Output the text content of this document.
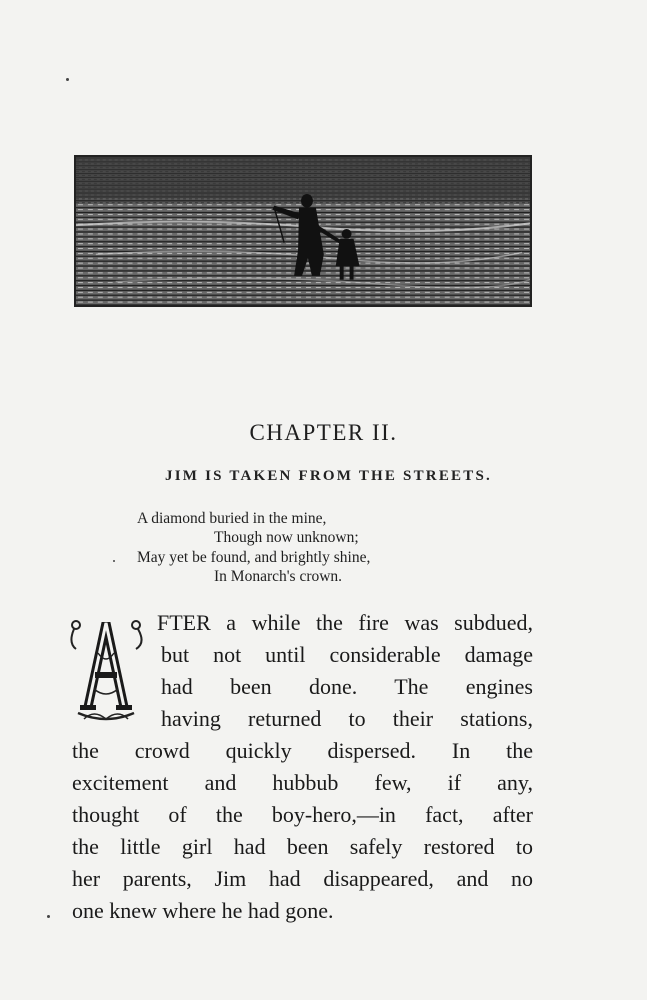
CHAPTER II.
JIM IS TAKEN FROM THE STREETS.
A diamond buried in the mine,
Though now unknown;
May yet be found, and brightly shine,
In Monarch's crown.
A
FTER a while the fire was subdued,
but not until considerable damage
had been done. The engines
having returned to their stations,
the crowd quickly dispersed. In the
excitement and hubbub few, if any,
thought of the boy-hero,—in fact, after
the little girl had been safely restored to
her parents, Jim had disappeared, and no
one knew where he had gone.
